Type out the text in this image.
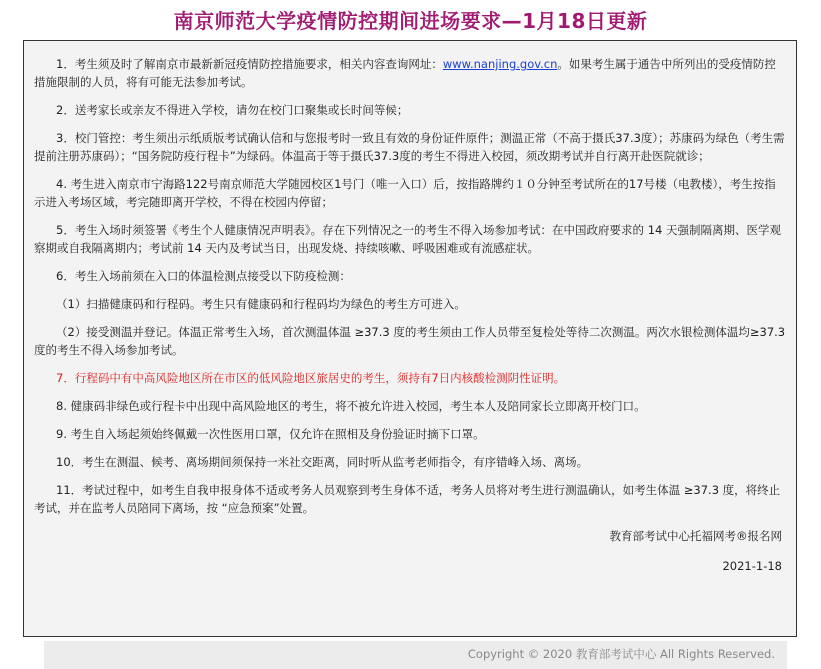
南京师范大学疫情防控期间进场要求—1月18日更新

1．考生须及时了解南京市最新新冠疫情防控措施要求，相关内容查询网址：www.nanjing.gov.cn。如果考生属于通告中所列出的受疫情防控措施限制的人员，将有可能无法参加考试。

2．送考家长或亲友不得进入学校，请勿在校门口聚集或长时间等候；

3．校门管控：考生须出示纸质版考试确认信和与您报考时一致且有效的身份证件原件；测温正常（不高于摄氏37.3度）；苏康码为绿色（考生需提前注册苏康码）；“国务院防疫行程卡”为绿码。体温高于等于摄氏37.3度的考生不得进入校园，须改期考试并自行离开赴医院就诊；

4. 考生进入南京市宁海路122号南京师范大学随园校区1号门（唯一入口）后，按指路牌约１０分钟至考试所在的17号楼（电教楼），考生按指示进入考场区域，考完随即离开学校，不得在校园内停留；

5．考生入场时须签署《考生个人健康情况声明表》。存在下列情况之一的考生不得入场参加考试：在中国政府要求的 14 天强制隔离期、医学观察期或自我隔离期内；考试前 14 天内及考试当日，出现发烧、持续咳嗽、呼吸困难或有流感症状。

6．考生入场前须在入口的体温检测点接受以下防疫检测：

（1）扫描健康码和行程码。考生只有健康码和行程码均为绿色的考生方可进入。

（2）接受测温并登记。体温正常考生入场，首次测温体温 ≥37.3 度的考生须由工作人员带至复检处等待二次测温。两次水银检测体温均≥37.3 度的考生不得入场参加考试。

7．行程码中有中高风险地区所在市区的低风险地区旅居史的考生，须持有7日内核酸检测阴性证明。

8. 健康码非绿色或行程卡中出现中高风险地区的考生，将不被允许进入校园，考生本人及陪同家长立即离开校门口。

9. 考生自入场起须始终佩戴一次性医用口罩，仅允许在照相及身份验证时摘下口罩。

10．考生在测温、候考、离场期间须保持一米社交距离，同时听从监考老师指令，有序错峰入场、离场。

11．考试过程中，如考生自我申报身体不适或考务人员观察到考生身体不适，考务人员将对考生进行测温确认，如考生体温 ≥37.3 度，将终止考试，并在监考人员陪同下离场，按 “应急预案”处置。

教育部考试中心托福网考®报名网

2021-1-18

Copyright © 2020 教育部考试中心 All Rights Reserved.
